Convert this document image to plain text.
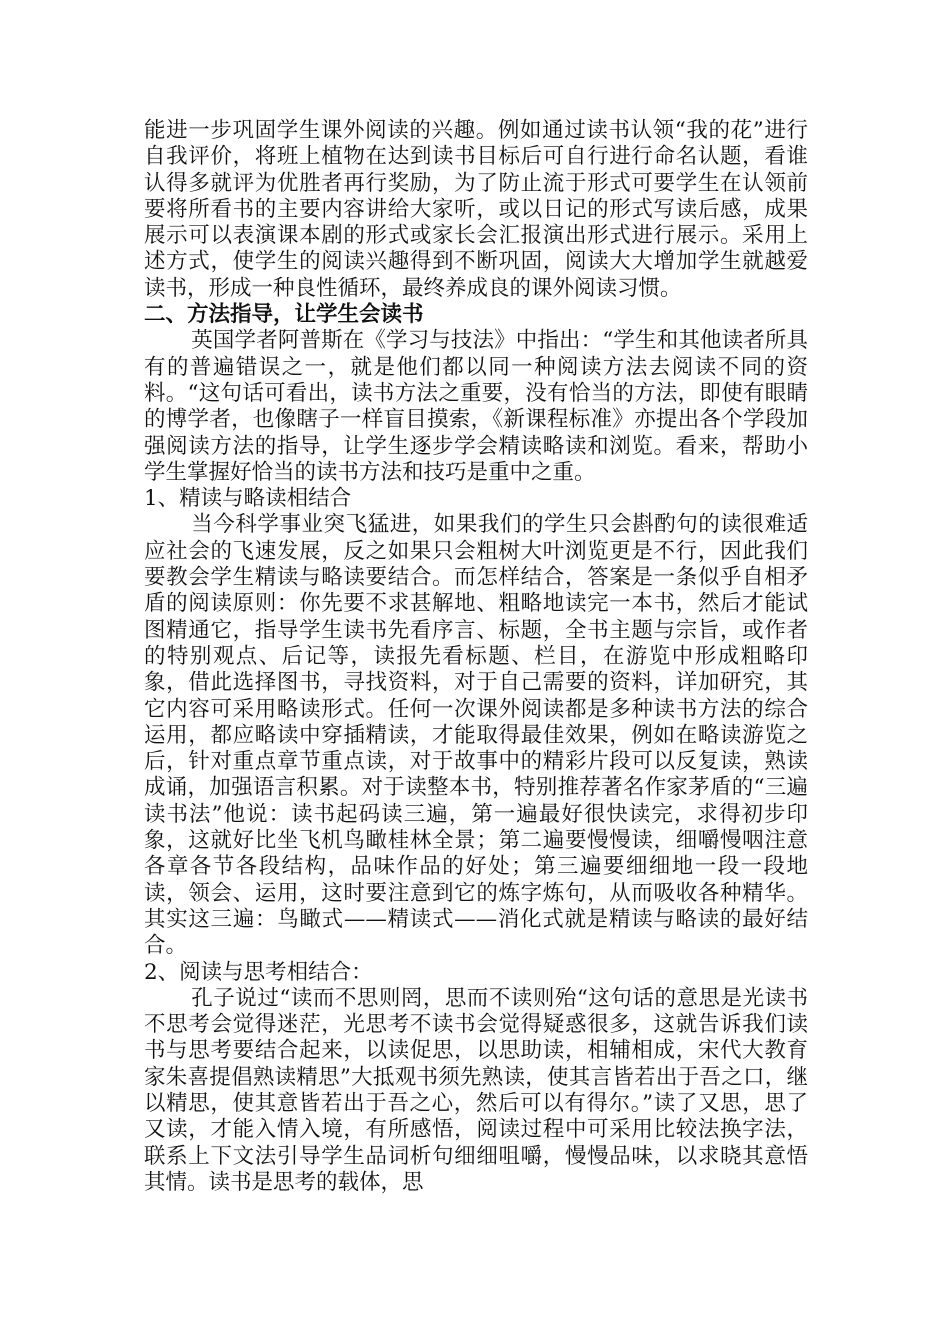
能进一步巩固学生课外阅读的兴趣。例如通过读书认领“我的花”进行自我评价，将班上植物在达到读书目标后可自行进行命名认题，看谁认得多就评为优胜者再行奖励，为了防止流于形式可要学生在认领前要将所看书的主要内容讲给大家听，或以日记的形式写读后感，成果展示可以表演课本剧的形式或家长会汇报演出形式进行展示。采用上述方式，使学生的阅读兴趣得到不断巩固，阅读大大增加学生就越爱读书，形成一种良性循环，最终养成良的课外阅读习惯。

二、方法指导，让学生会读书

英国学者阿普斯在《学习与技法》中指出：“学生和其他读者所具有的普遍错误之一，就是他们都以同一种阅读方法去阅读不同的资料。“这句话可看出，读书方法之重要，没有恰当的方法，即使有眼睛的博学者，也像瞎子一样盲目摸索，《新课程标准》亦提出各个学段加强阅读方法的指导，让学生逐步学会精读略读和浏览。看来，帮助小学生掌握好恰当的读书方法和技巧是重中之重。

1、精读与略读相结合

当今科学事业突飞猛进，如果我们的学生只会斟酌句的读很难适应社会的飞速发展，反之如果只会粗树大叶浏览更是不行，因此我们要教会学生精读与略读要结合。而怎样结合，答案是一条似乎自相矛盾的阅读原则：你先要不求甚解地、粗略地读完一本书，然后才能试图精通它，指导学生读书先看序言、标题，全书主题与宗旨，或作者的特别观点、后记等，读报先看标题、栏目，在游览中形成粗略印象，借此选择图书，寻找资料，对于自己需要的资料，详加研究，其它内容可采用略读形式。任何一次课外阅读都是多种读书方法的综合运用，都应略读中穿插精读，才能取得最佳效果，例如在略读游览之后，针对重点章节重点读，对于故事中的精彩片段可以反复读，熟读成诵，加强语言积累。对于读整本书，特别推荐著名作家茅盾的“三遍读书法”他说：读书起码读三遍，第一遍最好很快读完，求得初步印象，这就好比坐飞机鸟瞰桂林全景；第二遍要慢慢读，细嚼慢咽注意各章各节各段结构，品味作品的好处；第三遍要细细地一段一段地读，领会、运用，这时要注意到它的炼字炼句，从而吸收各种精华。其实这三遍：鸟瞰式——精读式——消化式就是精读与略读的最好结合。

2、阅读与思考相结合：

孔子说过“读而不思则罔，思而不读则殆“这句话的意思是光读书不思考会觉得迷茫，光思考不读书会觉得疑惑很多，这就告诉我们读书与思考要结合起来，以读促思，以思助读，相辅相成，宋代大教育家朱喜提倡熟读精思”大抵观书须先熟读，使其言皆若出于吾之口，继以精思，使其意皆若出于吾之心，然后可以有得尔。”读了又思，思了又读，才能入情入境，有所感悟，阅读过程中可采用比较法换字法，联系上下文法引导学生品词析句细细咀嚼，慢慢品味，以求晓其意悟其情。读书是思考的载体，思
